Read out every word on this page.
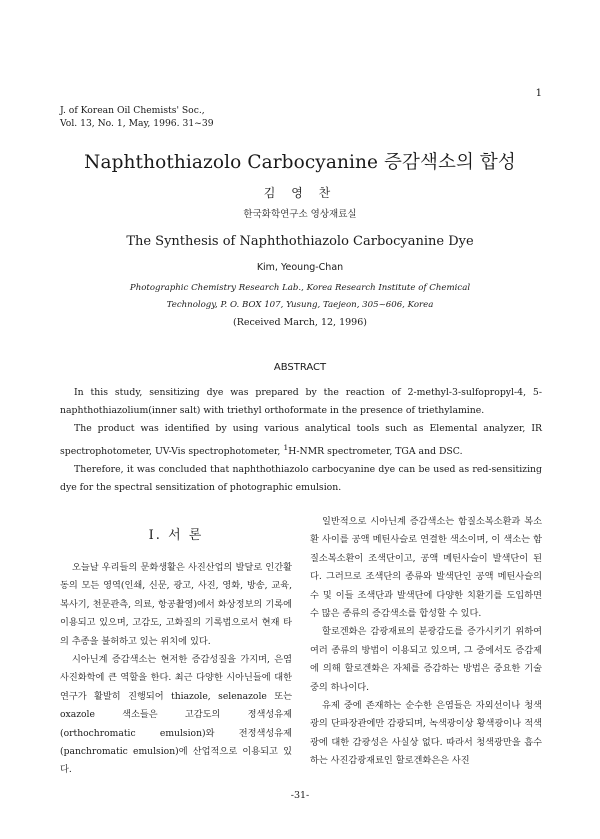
1
J. of Korean Oil Chemists' Soc.,
Vol. 13, No. 1, May, 1996. 31~39
Naphthothiazolo Carbocyanine 증감색소의 합성
김 영 찬
한국화학연구소 영상재료실
The Synthesis of Naphthothiazolo Carbocyanine Dye
Kim, Yeoung-Chan
Photographic Chemistry Research Lab., Korea Research Institute of Chemical
Technology, P. O. BOX 107, Yusung, Taejeon, 305~606, Korea
(Received March, 12, 1996)
ABSTRACT

In this study, sensitizing dye was prepared by the reaction of 2-methyl-3-sulfopropyl-4, 5-naphthothiazolium(inner salt) with triethyl orthoformate in the presence of triethylamine.

The product was identified by using various analytical tools such as Elemental analyzer, IR spectrophotometer, UV-Vis spectrophotometer, $^1$H-NMR spectrometer, TGA and DSC.

Therefore, it was concluded that naphthothiazolo carbocyanine dye can be used as red-sensitizing dye for the spectral sensitization of photographic emulsion.

I. 서 론

오늘날 우리들의 문화생활은 사진산업의 발달로 인간활동의 모든 영역(인쇄, 신문, 광고, 사진, 영화, 방송, 교육, 복사기, 천문관측, 의료, 항공촬영)에서 화상정보의 기록에 이용되고 있으며, 고감도, 고화질의 기록법으로서 현재 타의 추종을 불허하고 있는 위치에 있다.

시아닌계 증감색소는 현저한 증감성질을 가지며, 은염사진화학에 큰 역할을 한다. 최근 다양한 시아닌들에 대한 연구가 활발히 진행되어 thiazole, selenazole 또는 oxazole 색소들은 고감도의 정색성유제(orthochromatic emulsion)와 전정색성유제(panchromatic emulsion)에 산업적으로 이용되고 있다.

일반적으로 시아닌계 증감색소는 함질소복소환과 복소환 사이를 공액 메틴사슬로 연결한 색소이며, 이 색소는 함질소복소환이 조색단이고, 공액 메틴사슬이 발색단이 된다. 그러므로 조색단의 종류와 발색단인 공액 메틴사슬의 수 및 이들 조색단과 발색단에 다양한 치환기를 도입하면 수 많은 종류의 증감색소를 합성할 수 있다.

할로겐화은 감광재료의 분광감도를 증가시키기 위하여 여러 종류의 방법이 이용되고 있으며, 그 중에서도 증감제에 의해 할로겐화은 자체를 증감하는 방법은 중요한 기술 중의 하나이다.

유제 중에 존재하는 순수한 은염들은 자외선이나 청색광의 단파장관에만 감광되며, 녹색광이상 황색광이나 적색광에 대한 감광성은 사실상 없다. 따라서 청색광만을 흡수하는 사진감광재료인 할로겐화은은 사진

-31-
